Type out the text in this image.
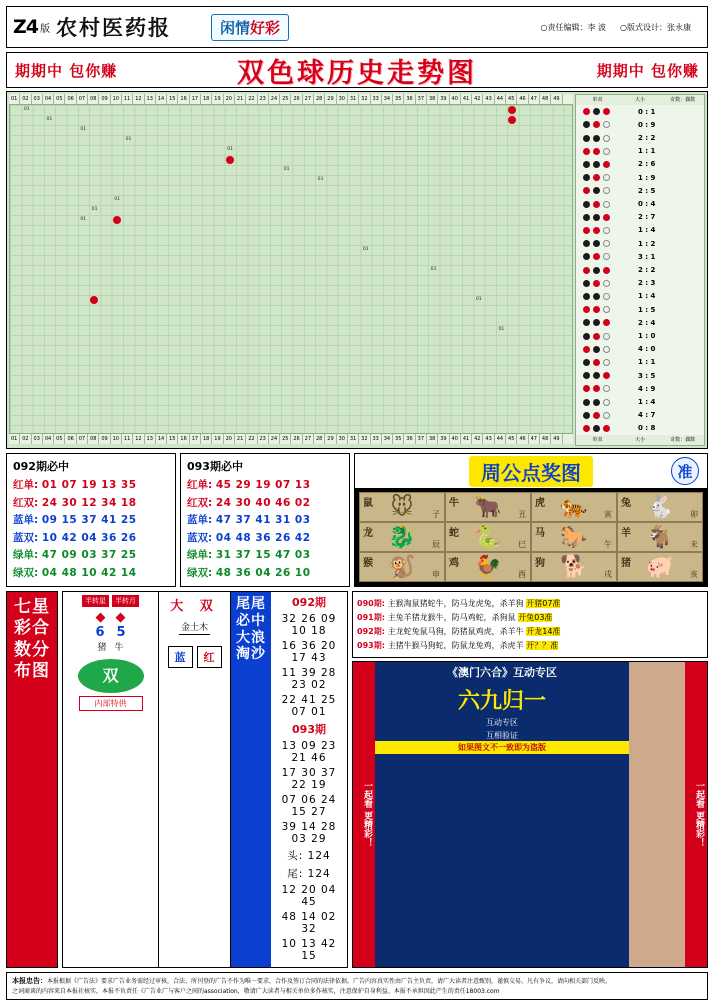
Z4 版 农村医药报	闲情好彩	○责任编辑：李 波 ○版式设计：张永康
期期中 包你赚	双色球历史走势图	期期中 包你赚
01 02 03 04 05 06 07 08 09 10 11 12 13 14 15 16 17 18 19 20 21 22 23 24 25 26 27 28 29 30 31 32 33 34 35 36 37 38 39 40 41 42 43 44 45 46 47 48 49
01
01
01
01
01
01
01
01
01
01
01
01
01
01
01 02 03 04 05 06 07 08 09 10 11 12 13 14 15 16 17 18 19 20 21 22 23 24 25 26 27 28 29 30 31 32 33 34 35 36 37 38 39 40 41 42 43 44 45 46 47 48 49
单双	大小	奇数：偶数
0 : 1
0 : 9
2 : 2
1 : 1
2 : 6
1 : 9
2 : 5
0 : 4
2 : 7
1 : 4
1 : 2
3 : 1
2 : 2
2 : 3
1 : 4
1 : 5
2 : 4
1 : 0
4 : 0
1 : 1
3 : 5
4 : 9
1 : 4
4 : 7
0 : 8
单双	大小	奇数：偶数
092期必中
红单: 01 07 19 13 35
红双: 24 30 12 34 18
蓝单: 09 15 37 41 25
蓝双: 10 42 04 36 26
绿单: 47 09 03 37 25
绿双: 04 48 10 42 14
093期必中
红单: 45 29 19 07 13
红双: 24 30 40 46 02
蓝单: 47 37 41 31 03
蓝双: 04 48 36 26 42
绿单: 31 37 15 47 03
绿双: 48 36 04 26 10
周公点奖图	准
鼠 🐭 子
牛 🐂 丑
虎 🐅 寅
兔 🐇 卯
龙 🐉 辰
蛇 🐍 巳
马 🐎 午
羊 🐐 未
猴 🐒 申
鸡 🐓 酉
狗 🐕 戌
猪 🐖 亥
七星彩合数分布图
半转星	半转月
◆ ◆
6 5
猪 牛
双
内部特供
大 双
金土木
蓝	红
尾尾必中大浪淘沙
092期
32 26 09 10 18
16 36 20 17 43
11 39 28 23 02
22 41 25 07 01
093期
13 09 23 21 46
17 30 37 22 19
07 06 24 15 27
39 14 28 03 29
头: 124
尾: 124
12 20 04 45
48 14 02 32
10 13 42 15
090期: 主猴淘鼠猪蛇牛，防马龙虎兔，杀羊狗 开猪07准
091期: 主兔羊猪龙猴牛，防马鸡蛇，杀狗鼠 开兔03准
092期: 主龙蛇兔鼠马狗，防猪鼠鸡虎，杀羊牛 开龙14准
093期: 主猪牛猴马狗蛇，防鼠龙兔鸡，杀虎羊 开？？准
一起看 更精彩！
《澳门六合》互动专区
六九归一
互动专区
互相验证
如果图文不一致即为盗版
一起看 更精彩！
本报忠告：本报根据《广告法》要求广告业务需经过审核，合法、所刊登的广告不作为唯一要求，合作及签订合同的法律依据。广告内容真实性由广告主负责，请广大读者注意甄别，谨慎交易。凡有争议，请向相关部门反映。
之词商谈的内容来自本报社核实，本报不负责任《广告业广与客户之间的association，敬请广大读者与相关单位多作核实，注意保护自身利益。本报不承担因此产生的责任18003.com
